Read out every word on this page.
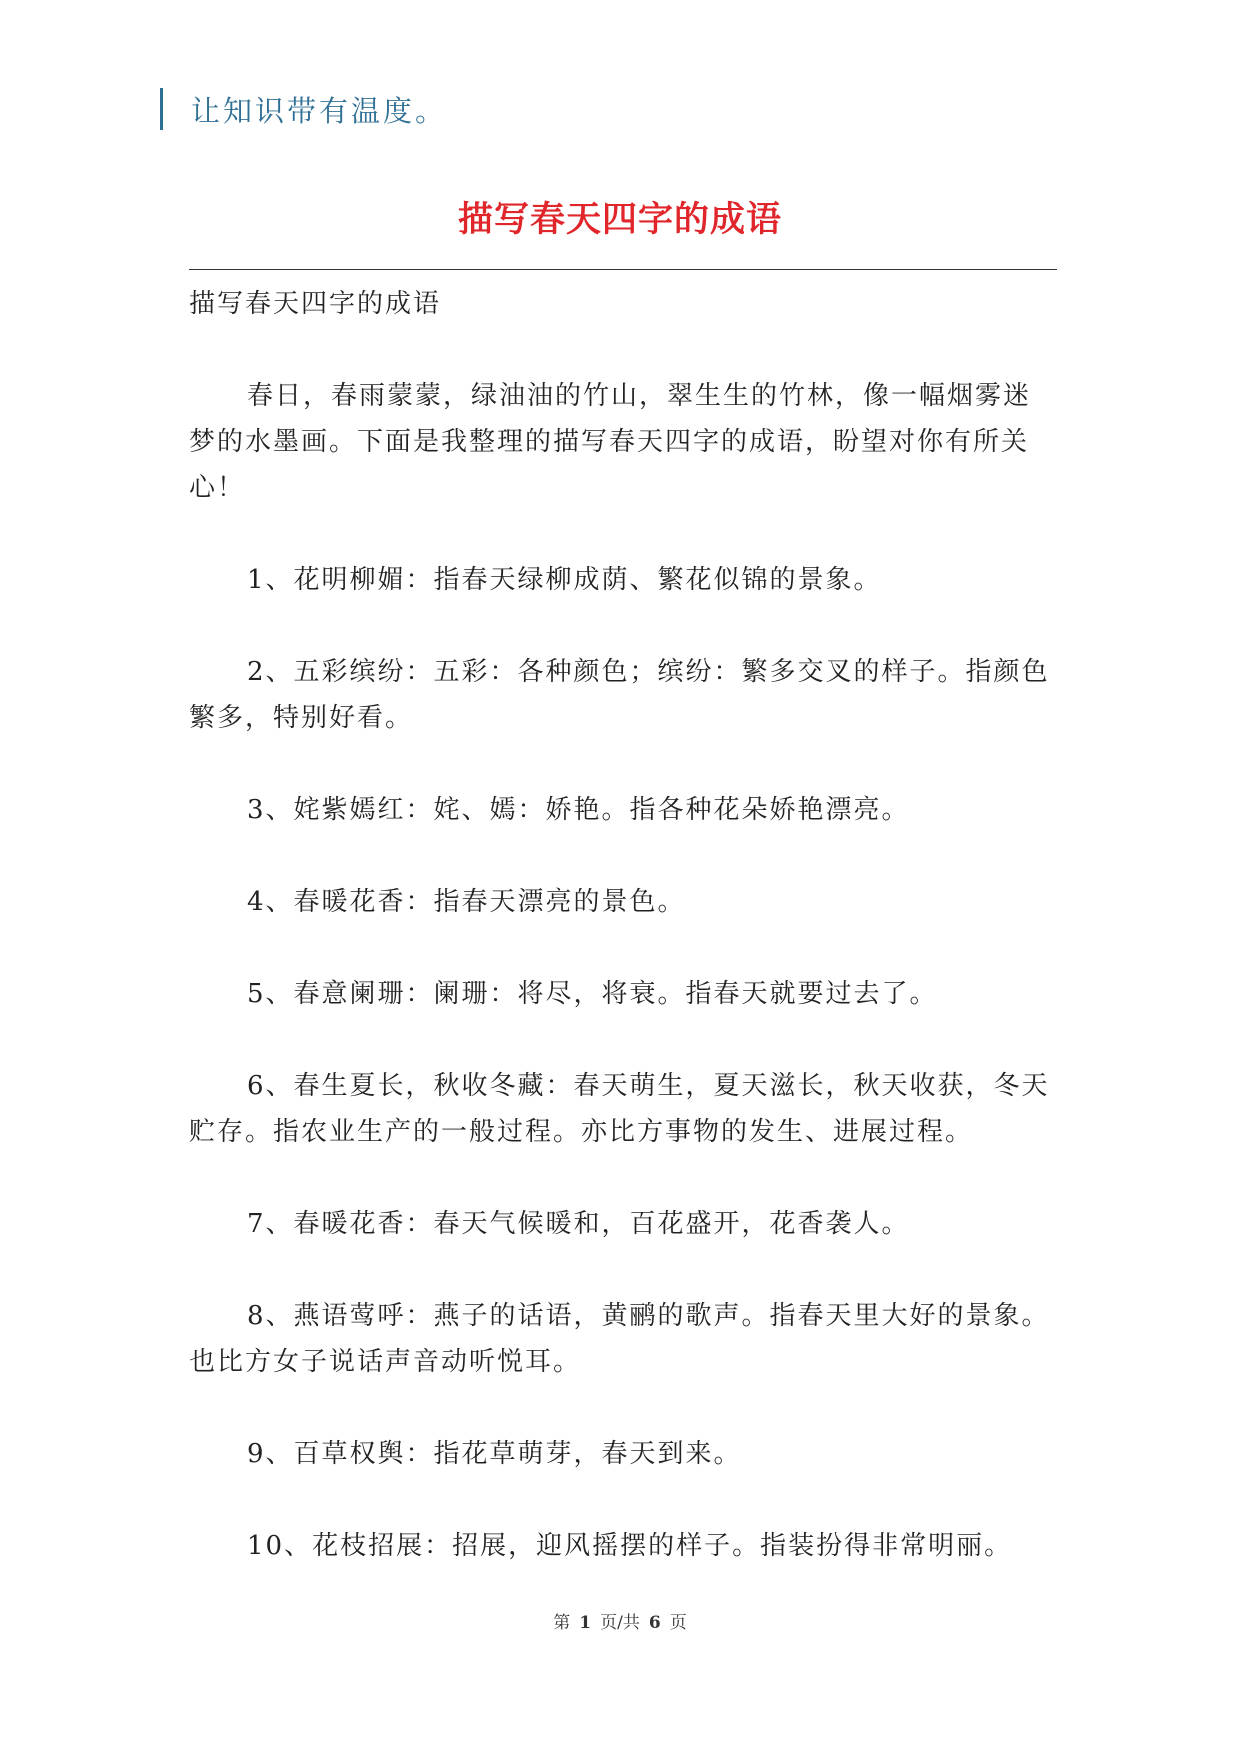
让知识带有温度。
描写春天四字的成语

描写春天四字的成语

春日，春雨蒙蒙，绿油油的竹山，翠生生的竹林，像一幅烟雾迷梦的水墨画。下面是我整理的描写春天四字的成语，盼望对你有所关心！

1、花明柳媚：指春天绿柳成荫、繁花似锦的景象。

2、五彩缤纷：五彩：各种颜色；缤纷：繁多交叉的样子。指颜色繁多，特别好看。

3、姹紫嫣红：姹、嫣：娇艳。指各种花朵娇艳漂亮。

4、春暖花香：指春天漂亮的景色。

5、春意阑珊：阑珊：将尽，将衰。指春天就要过去了。

6、春生夏长，秋收冬藏：春天萌生，夏天滋长，秋天收获，冬天贮存。指农业生产的一般过程。亦比方事物的发生、进展过程。

7、春暖花香：春天气候暖和，百花盛开，花香袭人。

8、燕语莺呼：燕子的话语，黄鹂的歌声。指春天里大好的景象。也比方女子说话声音动听悦耳。

9、百草权舆：指花草萌芽，春天到来。

10、花枝招展：招展，迎风摇摆的样子。指装扮得非常明丽。

第 1 页/共 6 页
